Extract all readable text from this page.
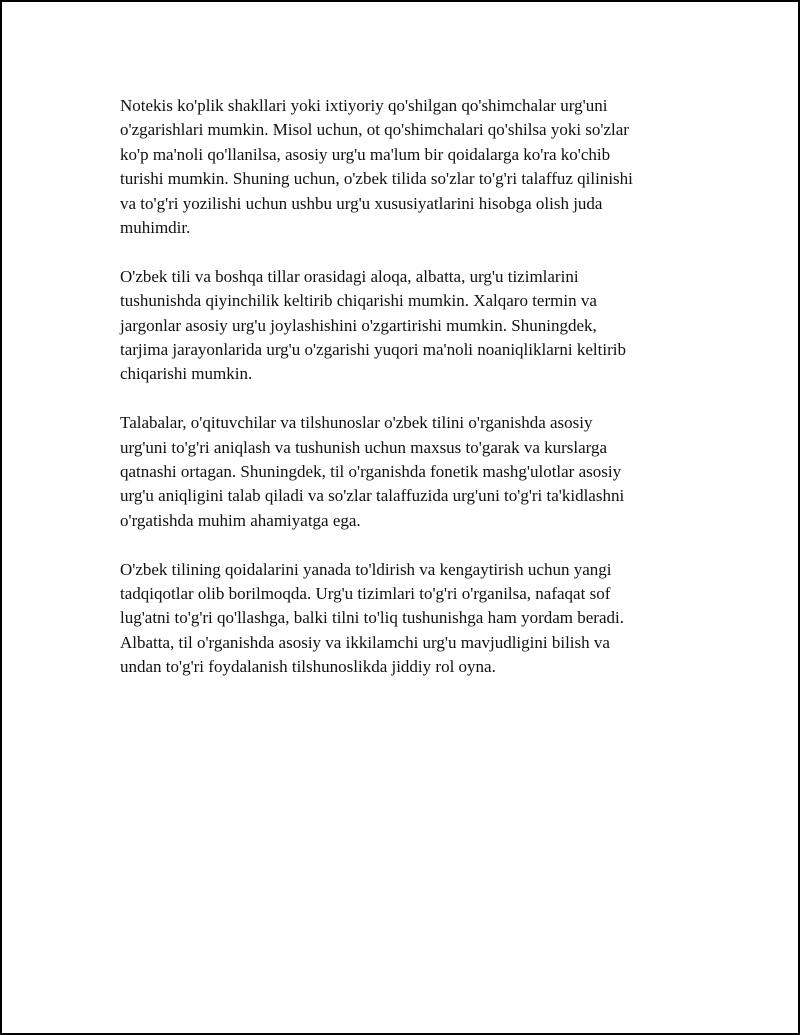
Notekis ko'plik shakllari yoki ixtiyoriy qo'shilgan qo'shimchalar urg'uni
o'zgarishlari mumkin. Misol uchun, ot qo'shimchalari qo'shilsa yoki so'zlar
ko'p ma'noli qo'llanilsa, asosiy urg'u ma'lum bir qoidalarga ko'ra ko'chib
turishi mumkin. Shuning uchun, o'zbek tilida so'zlar to'g'ri talaffuz qilinishi
va to'g'ri yozilishi uchun ushbu urg'u xususiyatlarini hisobga olish juda
muhimdir.

O'zbek tili va boshqa tillar orasidagi aloqa, albatta, urg'u tizimlarini
tushunishda qiyinchilik keltirib chiqarishi mumkin. Xalqaro termin va
jargonlar asosiy urg'u joylashishini o'zgartirishi mumkin. Shuningdek,
tarjima jarayonlarida urg'u o'zgarishi yuqori ma'noli noaniqliklarni keltirib
chiqarishi mumkin.

Talabalar, o'qituvchilar va tilshunoslar o'zbek tilini o'rganishda asosiy
urg'uni to'g'ri aniqlash va tushunish uchun maxsus to'garak va kurslarga
qatnashi ortagan. Shuningdek, til o'rganishda fonetik mashg'ulotlar asosiy
urg'u aniqligini talab qiladi va so'zlar talaffuzida urg'uni to'g'ri ta'kidlashni
o'rgatishda muhim ahamiyatga ega.

O'zbek tilining qoidalarini yanada to'ldirish va kengaytirish uchun yangi
tadqiqotlar olib borilmoqda. Urg'u tizimlari to'g'ri o'rganilsa, nafaqat sof
lug'atni to'g'ri qo'llashga, balki tilni to'liq tushunishga ham yordam beradi.
Albatta, til o'rganishda asosiy va ikkilamchi urg'u mavjudligini bilish va
undan to'g'ri foydalanish tilshunoslikda jiddiy rol oyna.
